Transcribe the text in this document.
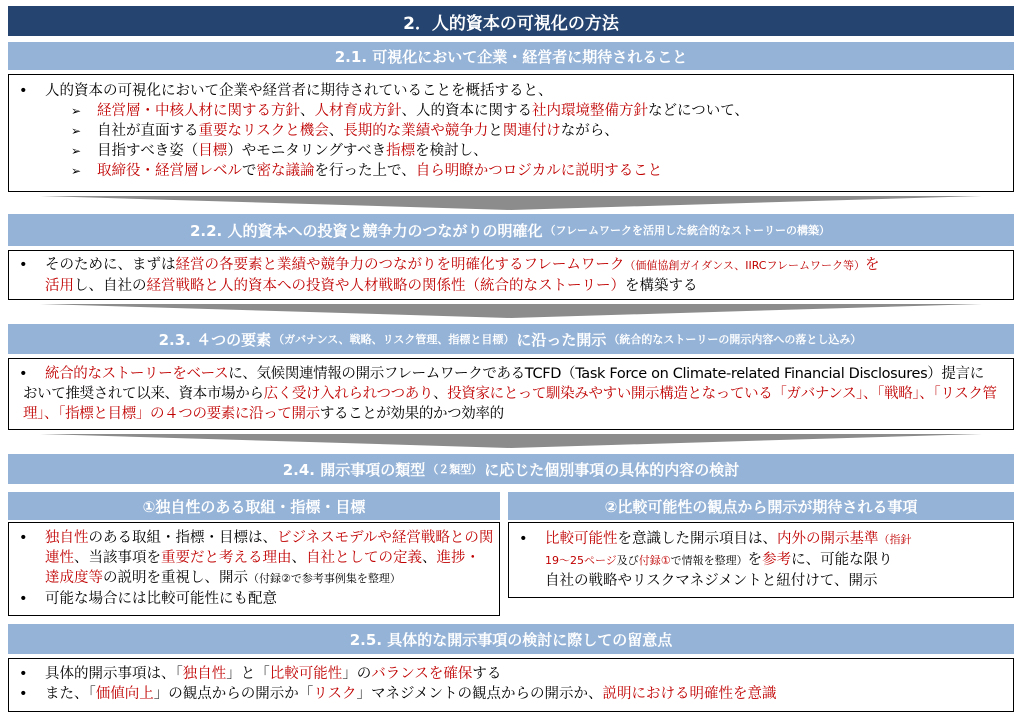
2．人的資本の可視化の方法
2.1. 可視化において企業・経営者に期待されること
• 人的資本の可視化において企業や経営者に期待されていることを概括すると、
➢ 経営層・中核人材に関する方針、人材育成方針、人的資本に関する社内環境整備方針などについて、
➢ 自社が直面する重要なリスクと機会、長期的な業績や競争力と関連付けながら、
➢ 目指すべき姿（目標）やモニタリングすべき指標を検討し、
➢ 取締役・経営層レベルで密な議論を行った上で、自ら明瞭かつロジカルに説明すること
2.2. 人的資本への投資と競争力のつながりの明確化 （フレームワークを活用した統合的なストーリーの構築）
• そのために、まずは経営の各要素と業績や競争力のつながりを明確化するフレームワーク（価値協創ガイダンス、IIRCフレームワーク等）を
活用し、自社の経営戦略と人的資本への投資や人材戦略の関係性（統合的なストーリー）を構築する
2.3. ４つの要素 （ガバナンス、戦略、リスク管理、指標と目標） に沿った開示 （統合的なストーリーの開示内容への落とし込み）
• 統合的なストーリーをベースに、気候関連情報の開示フレームワークであるTCFD（Task Force on Climate-related Financial Disclosures）提言に
おいて推奨されて以来、資本市場から広く受け入れられつつあり、投資家にとって馴染みやすい開示構造となっている「ガバナンス」、「戦略」、「リスク管
理」、「指標と目標」の４つの要素に沿って開示することが効果的かつ効率的
2.4. 開示事項の類型 （２類型） に応じた個別事項の具体的内容の検討
①独自性のある取組・指標・目標
• 独自性のある取組・指標・目標は、ビジネスモデルや経営戦略との関
連性、当該事項を重要だと考える理由、自社としての定義、進捗・
達成度等の説明を重視し、開示（付録②で参考事例集を整理）
• 可能な場合には比較可能性にも配意
②比較可能性の観点から開示が期待される事項
• 比較可能性を意識した開示項目は、内外の開示基準（指針
19～25ページ及び付録①で情報を整理）を参考に、可能な限り
自社の戦略やリスクマネジメントと紐付けて、開示
2.5. 具体的な開示事項の検討に際しての留意点
• 具体的開示事項は、「独自性」と「比較可能性」のバランスを確保する
• また、「価値向上」の観点からの開示か「リスク」マネジメントの観点からの開示か、説明における明確性を意識
